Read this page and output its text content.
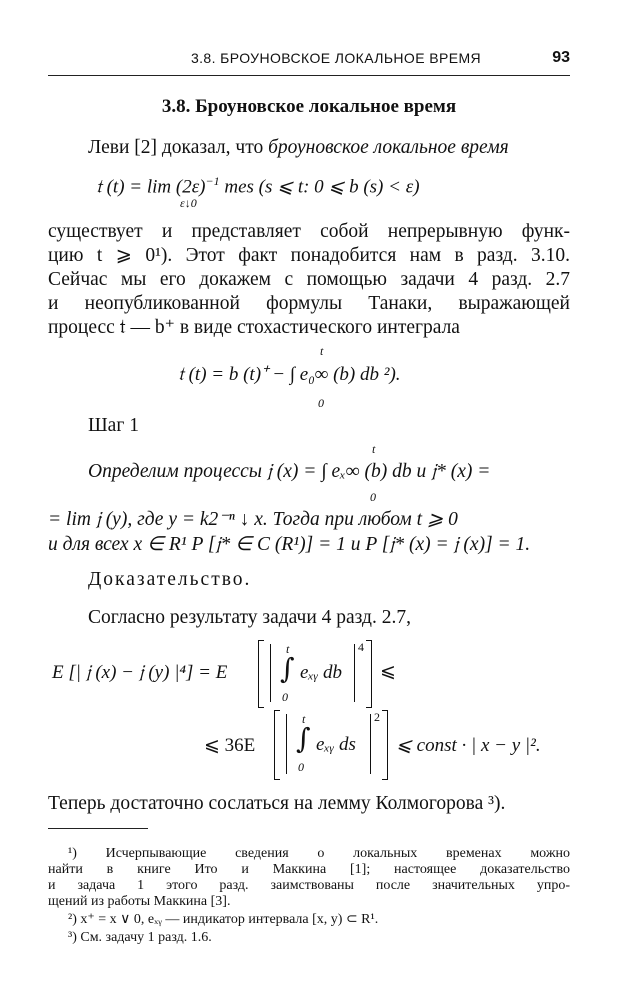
3.8. БРОУНОВСКОЕ ЛОКАЛЬНОЕ ВРЕМЯ	93
3.8. Броуновское локальное время
Леви [2] доказал, что броуновское локальное время
𝔱 $(t) = \lim (2\varepsilon)^{-1}$ mes (s ⩽ t: 0 ⩽ b (s) < ε)
ε↓0
существует и представляет собой непрерывную функ-
цию t ⩾ 0¹). Этот факт понадобится нам в разд. 3.10.
Сейчас мы его докажем с помощью задачи 4 разд. 2.7
и неопубликованной формулы Танаки, выражающей
процесс 𝔱 — b⁺ в виде стохастического интеграла
t
𝔱 (t) = b (t)⁺ − ∫ e₀∞ (b) db ²).
0
Шаг 1
t
Определим процессы 𝔧 (x) = ∫ eₓ∞ (b) db и 𝔧* (x) =
0
= lim 𝔧 (y), где y = k2⁻ⁿ ↓ x. Тогда при любом t ⩾ 0
и для всех x ∈ R¹ P [𝔧* ∈ C (R¹)] = 1 и P [𝔧* (x) = 𝔧 (x)] = 1.
Доказательство.
Согласно результату задачи 4 разд. 2.7,
E [| 𝔧 (x) − 𝔧 (y) |⁴] = E
t
∫
0
eₓᵧ db
4
⩽
⩽ 36E
t
∫
0
eₓᵧ ds
2
⩽ const · | x − y |².
Теперь достаточно сослаться на лемму Колмогорова ³).
¹) Исчерпывающие сведения о локальных временах можно
найти в книге Ито и Маккина [1]; настоящее доказательство
и задача 1 этого разд. заимствованы после значительных упро-
щений из работы Маккина [3].
²) x⁺ = x ∨ 0, eₓᵧ — индикатор интервала [x, y) ⊂ R¹.
³) См. задачу 1 разд. 1.6.
